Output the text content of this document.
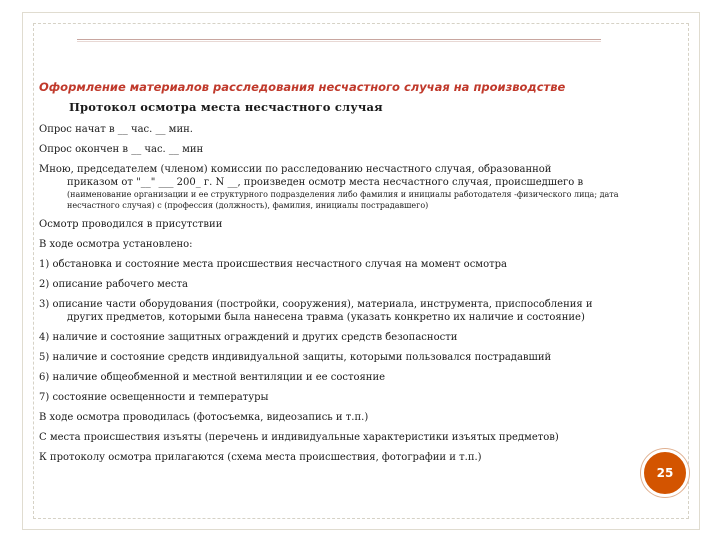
Оформление материалов расследования несчастного случая на производстве
Протокол осмотра места несчастного случая
Опрос начат в __ час. __ мин.
Опрос окончен в __ час. __ мин
Мною, председателем (членом) комиссии по расследованию несчастного случая, образованной
приказом от "__" ___ 200_ г. N __, произведен осмотр места несчастного случая, происшедшего в
(наименование организации и ее структурного подразделения либо фамилия и инициалы работодателя -физического лица; дата несчастного случая) с (профессия (должность), фамилия, инициалы пострадавшего)
Осмотр проводился в присутствии
В ходе осмотра установлено:
1) обстановка и состояние места происшествия несчастного случая на момент осмотра
2) описание рабочего места
3) описание части оборудования (постройки, сооружения), материала, инструмента, приспособления и
других предметов, которыми была нанесена травма (указать конкретно их наличие и состояние)
4) наличие и состояние защитных ограждений и других средств безопасности
5) наличие и состояние средств индивидуальной защиты, которыми пользовался пострадавший
6) наличие общеобменной и местной вентиляции и ее состояние
7) состояние освещенности и температуры
В ходе осмотра проводилась (фотосъемка, видеозапись и т.п.)
С места происшествия изъяты (перечень и индивидуальные характеристики изъятых предметов)
К протоколу осмотра прилагаются (схема места происшествия, фотографии и т.п.)
25
